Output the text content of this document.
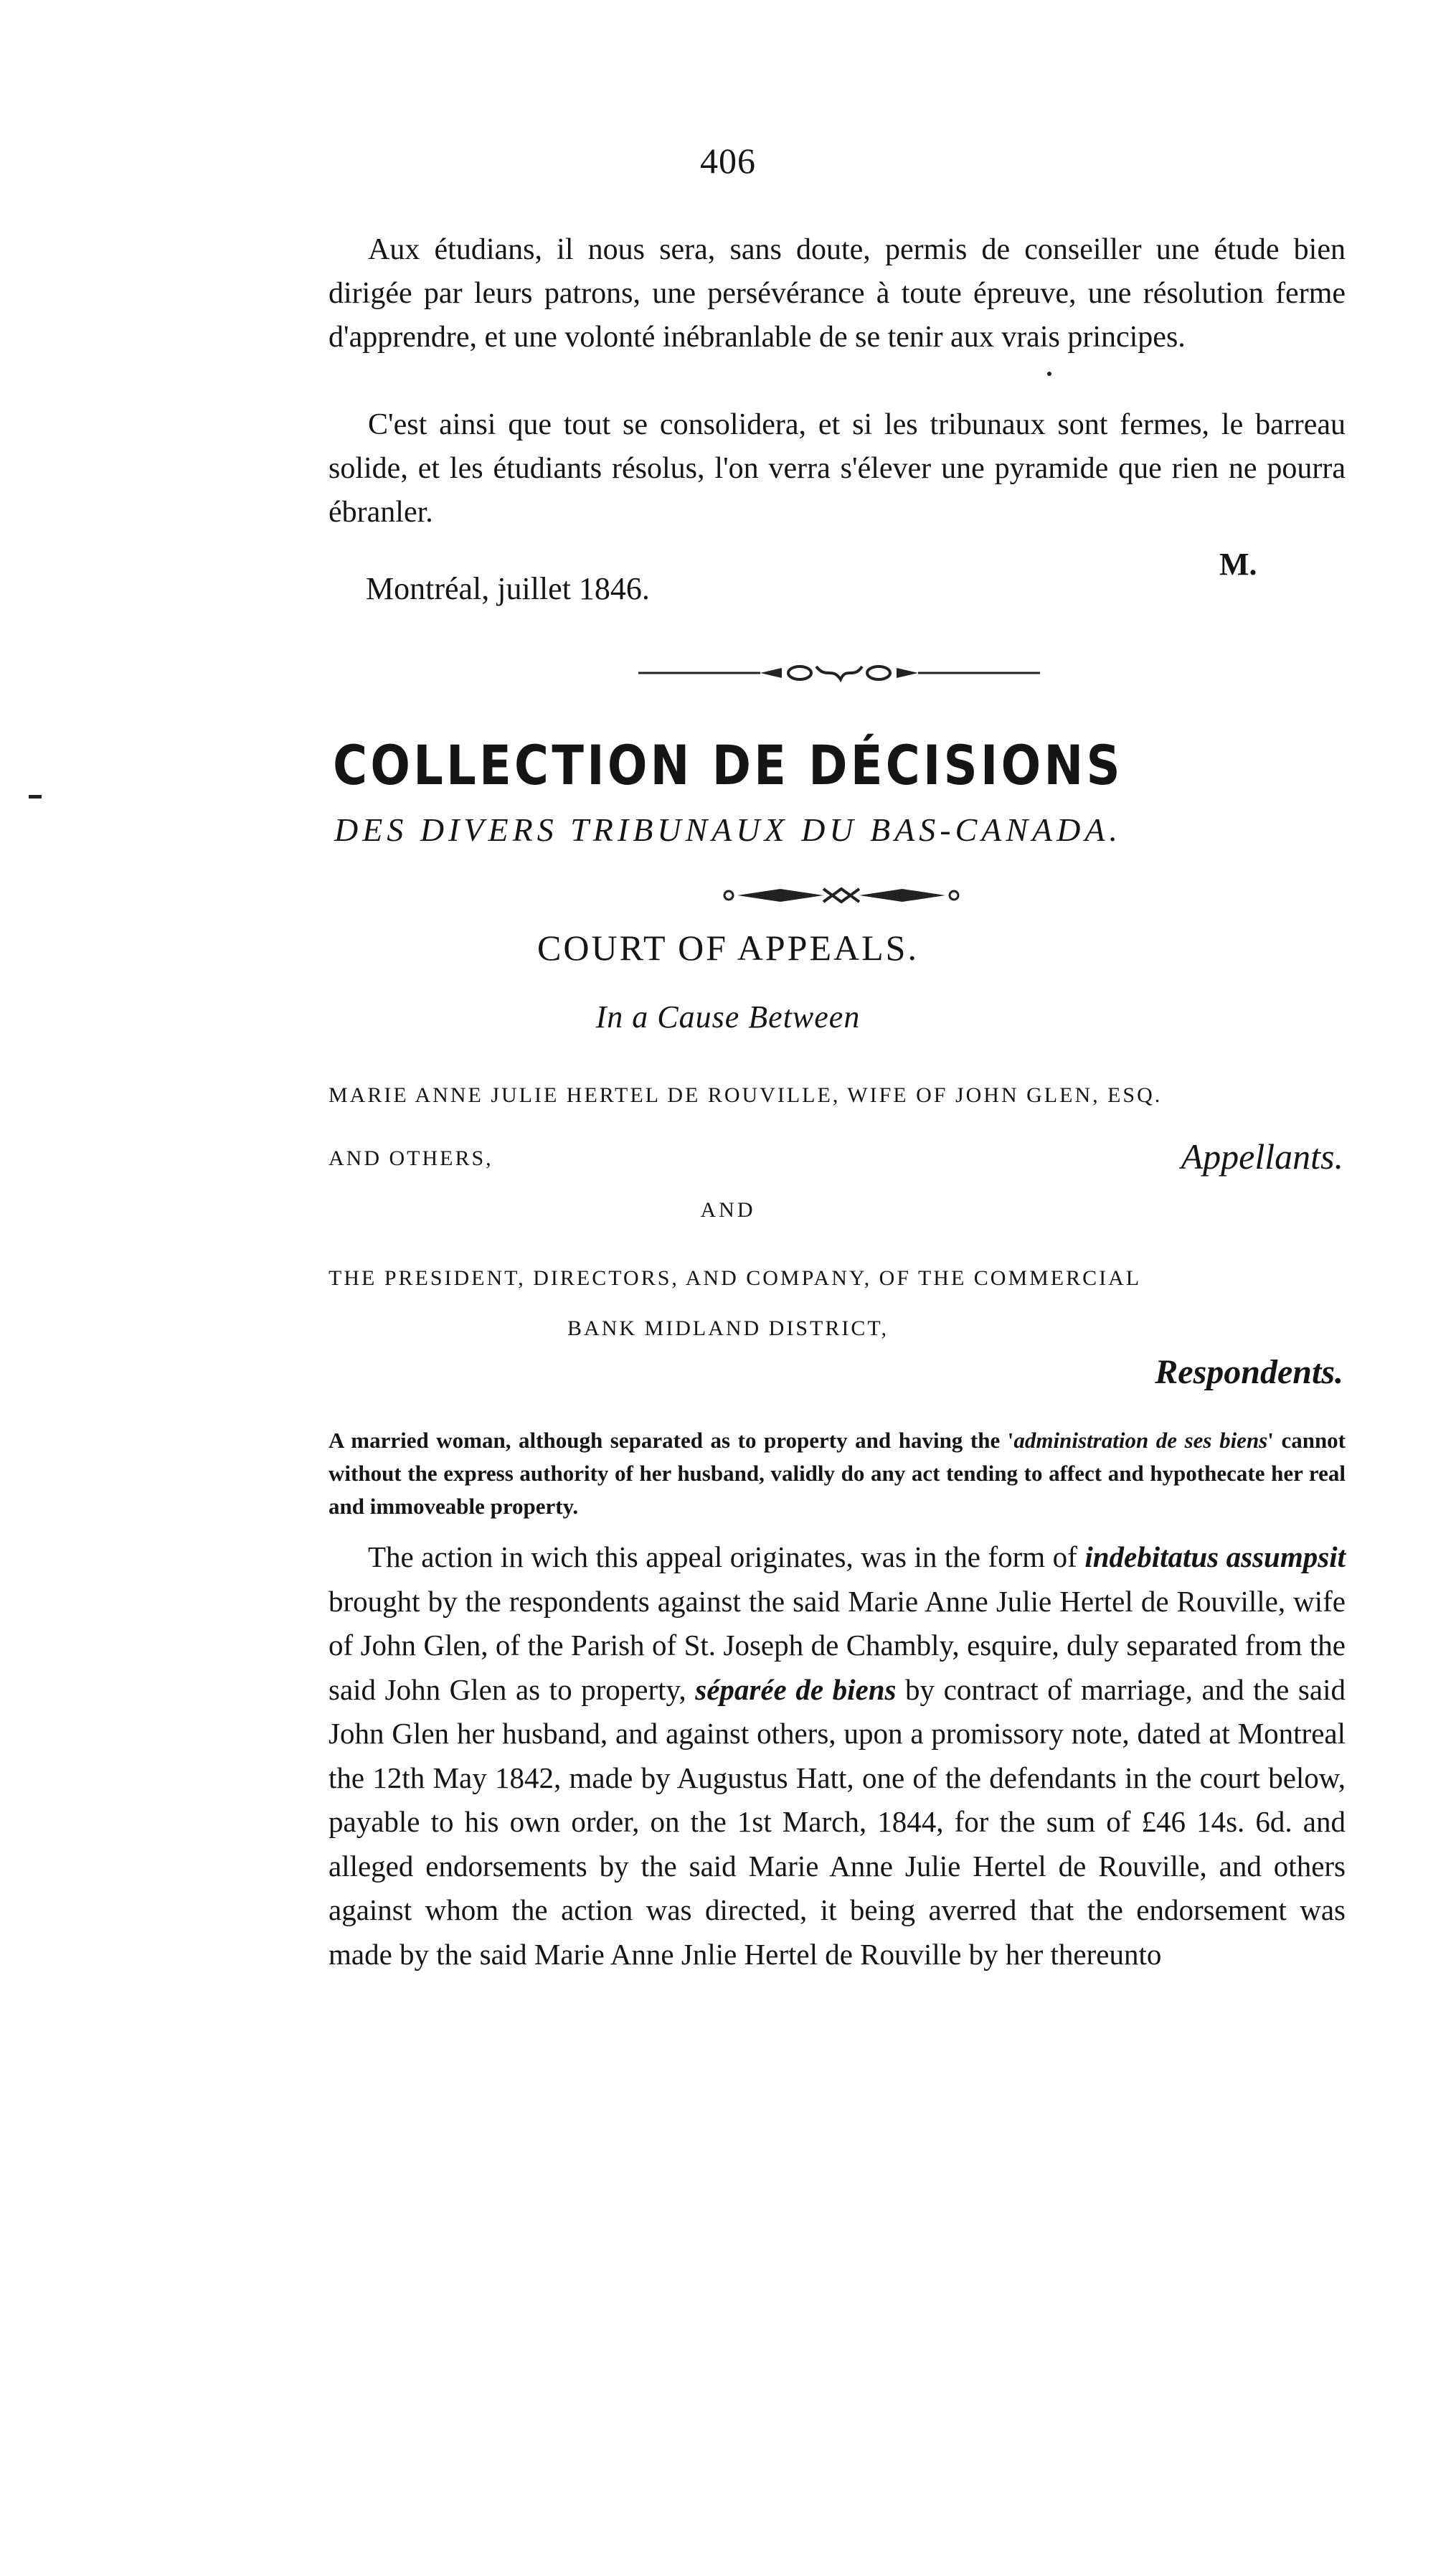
406

Aux étudians, il nous sera, sans doute, permis de conseiller une étude bien dirigée par leurs patrons, une persévérance à toute épreuve, une résolution ferme d'apprendre, et une volonté inébranlable de se tenir aux vrais principes.

C'est ainsi que tout se consolidera, et si les tribunaux sont fermes, le barreau solide, et les étudiants résolus, l'on verra s'élever une pyramide que rien ne pourra ébranler.

M.
Montréal, juillet 1846.
COLLECTION DE DÉCISIONS
DES DIVERS TRIBUNAUX DU BAS-CANADA.
COURT OF APPEALS.
In a Cause Between
MARIE ANNE JULIE HERTEL DE ROUVILLE, WIFE OF JOHN GLEN, ESQ.
AND OTHERS,	Appellants.
AND
THE PRESIDENT, DIRECTORS, AND COMPANY, OF THE COMMERCIAL
BANK MIDLAND DISTRICT,
Respondents.

A married woman, although separated as to property and having the 'administration de ses biens' cannot without the express authority of her husband, validly do any act tending to affect and hypothecate her real and immoveable property.

The action in wich this appeal originates, was in the form of indebitatus assumpsit brought by the respondents against the said Marie Anne Julie Hertel de Rouville, wife of John Glen, of the Parish of St. Joseph de Chambly, esquire, duly separated from the said John Glen as to property, séparée de biens by contract of marriage, and the said John Glen her husband, and against others, upon a promissory note, dated at Montreal the 12th May 1842, made by Augustus Hatt, one of the defendants in the court below, payable to his own order, on the 1st March, 1844, for the sum of £46 14s. 6d. and alleged endorsements by the said Marie Anne Julie Hertel de Rouville, and others against whom the action was directed, it being averred that the endorsement was made by the said Marie Anne Jnlie Hertel de Rouville by her thereunto
